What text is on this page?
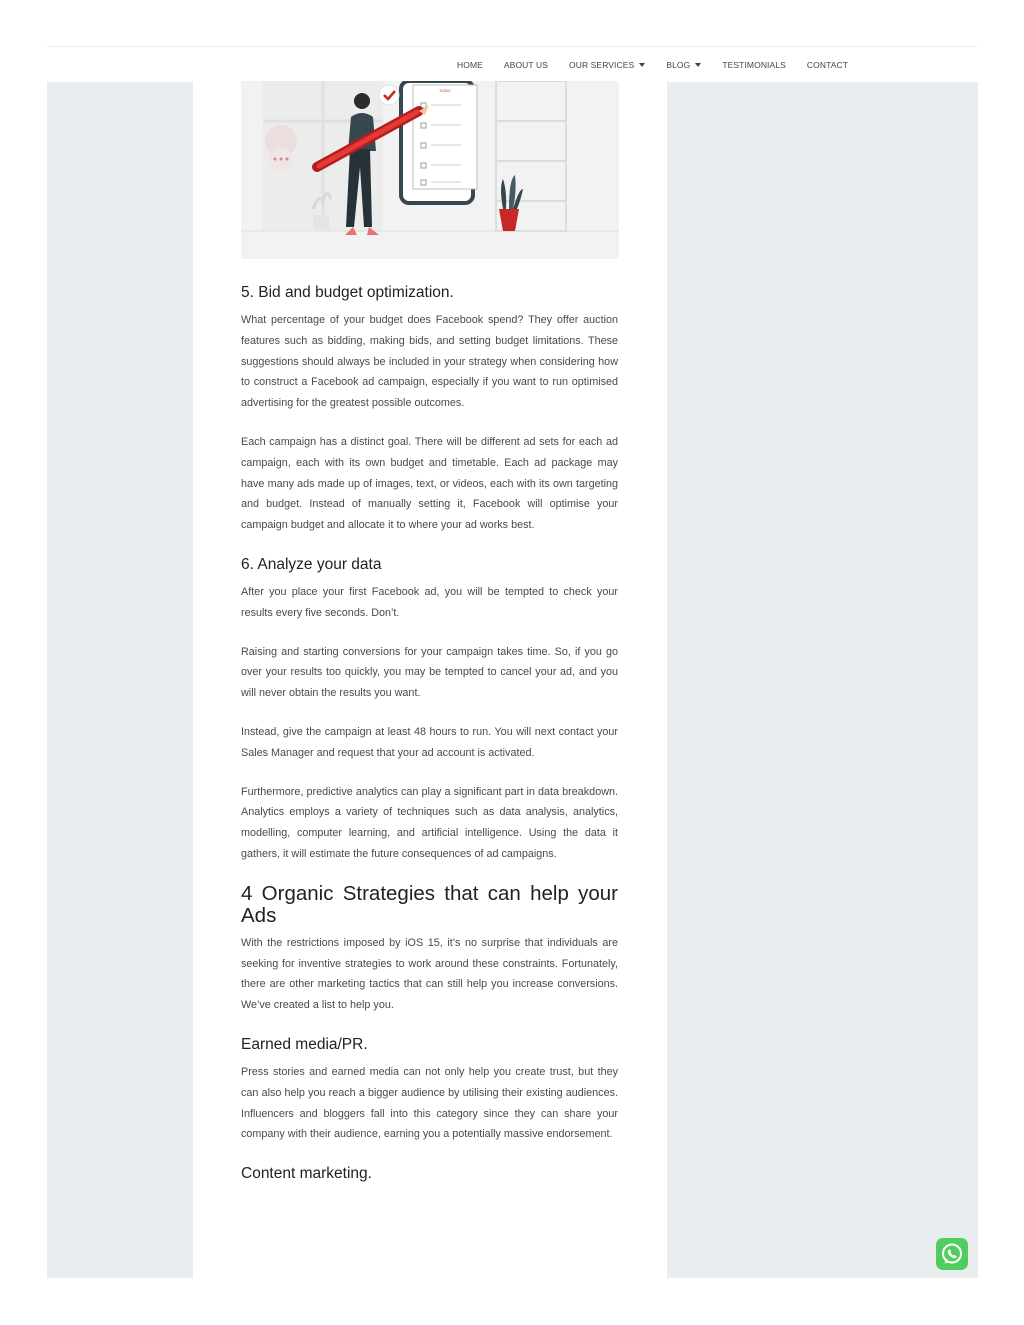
HOME ABOUT US OUR SERVICES	BLOG	TESTIMONIALS CONTACT
TODO
5. Bid and budget optimization.

What percentage of your budget does Facebook spend? They offer auction features such as bidding, making bids, and setting budget limitations. These suggestions should always be included in your strategy when considering how to construct a Facebook ad campaign, especially if you want to run optimised advertising for the greatest possible outcomes.

Each campaign has a distinct goal. There will be different ad sets for each ad campaign, each with its own budget and timetable. Each ad package may have many ads made up of images, text, or videos, each with its own targeting and budget. Instead of manually setting it, Facebook will optimise your campaign budget and allocate it to where your ad works best.

6. Analyze your data

After you place your first Facebook ad, you will be tempted to check your results every five seconds. Don’t.

Raising and starting conversions for your campaign takes time. So, if you go over your results too quickly, you may be tempted to cancel your ad, and you will never obtain the results you want.

Instead, give the campaign at least 48 hours to run. You will next contact your Sales Manager and request that your ad account is activated.

Furthermore, predictive analytics can play a significant part in data breakdown. Analytics employs a variety of techniques such as data analysis, analytics, modelling, computer learning, and artificial intelligence. Using the data it gathers, it will estimate the future consequences of ad campaigns.

4 Organic Strategies that can help your Ads

With the restrictions imposed by iOS 15, it’s no surprise that individuals are seeking for inventive strategies to work around these constraints. Fortunately, there are other marketing tactics that can still help you increase conversions. We’ve created a list to help you.

Earned media/PR.

Press stories and earned media can not only help you create trust, but they can also help you reach a bigger audience by utilising their existing audiences. Influencers and bloggers fall into this category since they can share your company with their audience, earning you a potentially massive endorsement.

Content marketing.
